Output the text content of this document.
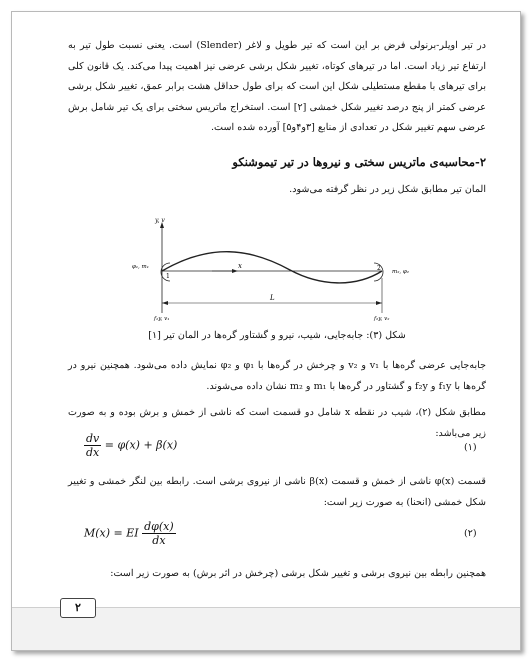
در تیر اویلر-برنولی فرض بر این است که تیر طویل و لاغر (Slender) است. یعنی نسبت طول تیر به ارتفاع تیر زیاد است. اما در تیرهای کوتاه، تغییر شکل برشی عرضی نیز اهمیت پیدا می‌کند. یک قانون کلی برای تیرهای با مقطع مستطیلی شکل این است که برای طول حداقل هشت برابر عمق، تغییر شکل برشی عرضی کمتر از پنج درصد تغییر شکل خمشی [۲] است. استخراج ماتریس سختی برای یک تیر شامل برش عرضی سهم تغییر شکل در تعدادی از منابع [۳و۴و۵] آورده شده است.
۲-محاسبه‌ی ماتریس سختی و نیروها در تیر تیموشنکو
المان تیر مطابق شکل زیر در نظر گرفته می‌شود.
y, v
x
1
φ₁, m₁	2 m₂, φ₂
L
f₁y, v₁	f₂y, v₂
شکل (۳): جابه‌جایی، شیب، نیرو و گشتاور گره‌ها در المان تیر [۱]
جابه‌جایی عرضی گره‌ها با v₁ و v₂ و چرخش در گره‌ها با φ₁ و φ₂ نمایش داده می‌شود. همچنین نیرو در گره‌ها با f₁y و f₂y و گشتاور در گره‌ها با m₁ و m₂ نشان داده می‌شوند.
مطابق شکل (۲)، شیب در نقطه x شامل دو قسمت است که ناشی از خمش و برش بوده و به صورت زیر می‌باشد:
$\frac{dv}{dx} = \varphi(x) + \beta(x)$	(۱)
قسمت φ(x) ناشی از خمش و قسمت β(x) ناشی از نیروی برشی است. رابطه بین لنگر خمشی و تغییر شکل خمشی (انحنا) به صورت زیر است:
M(x) = EI $\frac{d\varphi(x)}{dx}$	(۲)
همچنین رابطه بین نیروی برشی و تغییر شکل برشی (چرخش در اثر برش) به صورت زیر است:
۲
